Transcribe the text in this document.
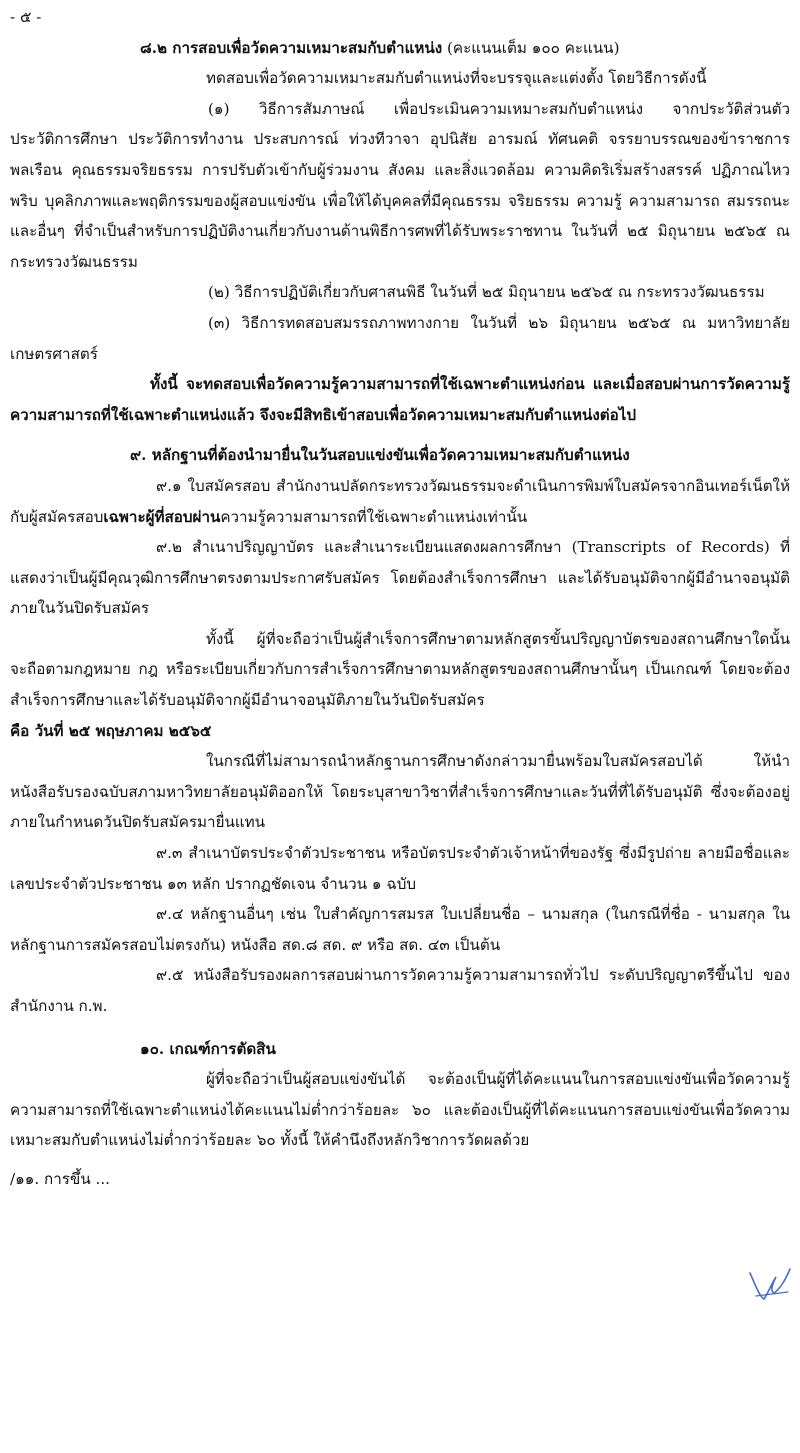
- ๕ -

๘.๒ การสอบเพื่อวัดความเหมาะสมกับตำแหน่ง (คะแนนเต็ม ๑๐๐ คะแนน)

ทดสอบเพื่อวัดความเหมาะสมกับตำแหน่งที่จะบรรจุและแต่งตั้ง โดยวิธีการดังนี้

(๑) วิธีการสัมภาษณ์ เพื่อประเมินความเหมาะสมกับตำแหน่ง จากประวัติส่วนตัว ประวัติการศึกษา ประวัติการทำงาน ประสบการณ์ ท่วงทีวาจา อุปนิสัย อารมณ์ ทัศนคติ จรรยาบรรณของข้าราชการพลเรือน คุณธรรมจริยธรรม การปรับตัวเข้ากับผู้ร่วมงาน สังคม และสิ่งแวดล้อม ความคิดริเริ่มสร้างสรรค์ ปฏิภาณไหวพริบ บุคลิกภาพและพฤติกรรมของผู้สอบแข่งขัน เพื่อให้ได้บุคคลที่มีคุณธรรม จริยธรรม ความรู้ ความสามารถ สมรรถนะ และอื่นๆ ที่จำเป็นสำหรับการปฏิบัติงานเกี่ยวกับงานด้านพิธีการศพที่ได้รับพระราชทาน ในวันที่ ๒๕ มิถุนายน ๒๕๖๕ ณ กระทรวงวัฒนธรรม

(๒) วิธีการปฏิบัติเกี่ยวกับศาสนพิธี ในวันที่ ๒๕ มิถุนายน ๒๕๖๕ ณ กระทรวงวัฒนธรรม

(๓) วิธีการทดสอบสมรรถภาพทางกาย ในวันที่ ๒๖ มิถุนายน ๒๕๖๕ ณ มหาวิทยาลัยเกษตรศาสตร์

ทั้งนี้ จะทดสอบเพื่อวัดความรู้ความสามารถที่ใช้เฉพาะตำแหน่งก่อน และเมื่อสอบผ่านการวัดความรู้ความสามารถที่ใช้เฉพาะตำแหน่งแล้ว จึงจะมีสิทธิเข้าสอบเพื่อวัดความเหมาะสมกับตำแหน่งต่อไป

๙. หลักฐานที่ต้องนำมายื่นในวันสอบแข่งขันเพื่อวัดความเหมาะสมกับตำแหน่ง

๙.๑ ใบสมัครสอบ สำนักงานปลัดกระทรวงวัฒนธรรมจะดำเนินการพิมพ์ใบสมัครจากอินเทอร์เน็ตให้กับผู้สมัครสอบเฉพาะผู้ที่สอบผ่านความรู้ความสามารถที่ใช้เฉพาะตำแหน่งเท่านั้น

๙.๒ สำเนาปริญญาบัตร และสำเนาระเบียนแสดงผลการศึกษา (Transcripts of Records) ที่แสดงว่าเป็นผู้มีคุณวุฒิการศึกษาตรงตามประกาศรับสมัคร โดยต้องสำเร็จการศึกษา และได้รับอนุมัติจากผู้มีอำนาจอนุมัติภายในวันปิดรับสมัคร

ทั้งนี้ ผู้ที่จะถือว่าเป็นผู้สำเร็จการศึกษาตามหลักสูตรขั้นปริญญาบัตรของสถานศึกษาใดนั้น จะถือตามกฎหมาย กฎ หรือระเบียบเกี่ยวกับการสำเร็จการศึกษาตามหลักสูตรของสถานศึกษานั้นๆ เป็นเกณฑ์ โดยจะต้องสำเร็จการศึกษาและได้รับอนุมัติจากผู้มีอำนาจอนุมัติภายในวันปิดรับสมัคร

คือ วันที่ ๒๕ พฤษภาคม ๒๕๖๕

ในกรณีที่ไม่สามารถนำหลักฐานการศึกษาดังกล่าวมายื่นพร้อมใบสมัครสอบได้ ให้นำหนังสือรับรองฉบับสภามหาวิทยาลัยอนุมัติออกให้ โดยระบุสาขาวิชาที่สำเร็จการศึกษาและวันที่ที่ได้รับอนุมัติ ซึ่งจะต้องอยู่ภายในกำหนดวันปิดรับสมัครมายื่นแทน

๙.๓ สำเนาบัตรประจำตัวประชาชน หรือบัตรประจำตัวเจ้าหน้าที่ของรัฐ ซึ่งมีรูปถ่าย ลายมือชื่อและเลขประจำตัวประชาชน ๑๓ หลัก ปรากฏชัดเจน จำนวน ๑ ฉบับ

๙.๔ หลักฐานอื่นๆ เช่น ใบสำคัญการสมรส ใบเปลี่ยนชื่อ – นามสกุล (ในกรณีที่ชื่อ - นามสกุล ในหลักฐานการสมัครสอบไม่ตรงกัน) หนังสือ สด.๘ สด. ๙ หรือ สด. ๔๓ เป็นต้น

๙.๕ หนังสือรับรองผลการสอบผ่านการวัดความรู้ความสามารถทั่วไป ระดับปริญญาตรีขึ้นไป ของสำนักงาน ก.พ.

๑๐. เกณฑ์การตัดสิน

ผู้ที่จะถือว่าเป็นผู้สอบแข่งขันได้ จะต้องเป็นผู้ที่ได้คะแนนในการสอบแข่งขันเพื่อวัดความรู้ความสามารถที่ใช้เฉพาะตำแหน่งได้คะแนนไม่ต่ำกว่าร้อยละ ๖๐ และต้องเป็นผู้ที่ได้คะแนนการสอบแข่งขันเพื่อวัดความเหมาะสมกับตำแหน่งไม่ต่ำกว่าร้อยละ ๖๐ ทั้งนี้ ให้คำนึงถึงหลักวิชาการวัดผลด้วย

/๑๑. การขึ้น ...
